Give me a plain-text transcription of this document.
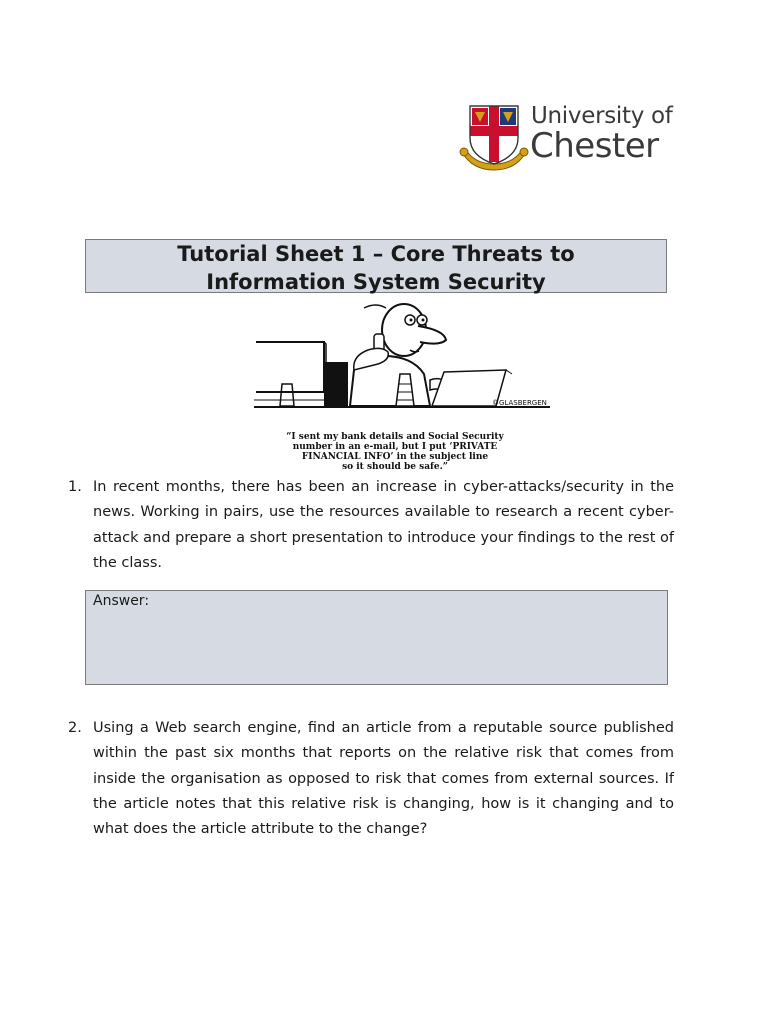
University of
Chester
Tutorial Sheet 1 – Core Threats to
Information System Security
©GLASBERGEN
“I sent my bank details and Social Security
number in an e-mail, but I put ‘PRIVATE
FINANCIAL INFO’ in the subject line
so it should be safe.”
1. In recent months, there has been an increase in cyber-attacks/security in the news. Working in pairs, use the resources available to research a recent cyber-attack and prepare a short presentation to introduce your findings to the rest of the class.
Answer:
2. Using a Web search engine, find an article from a reputable source published within the past six months that reports on the relative risk that comes from inside the organisation as opposed to risk that comes from external sources. If the article notes that this relative risk is changing, how is it changing and to what does the article attribute to the change?
